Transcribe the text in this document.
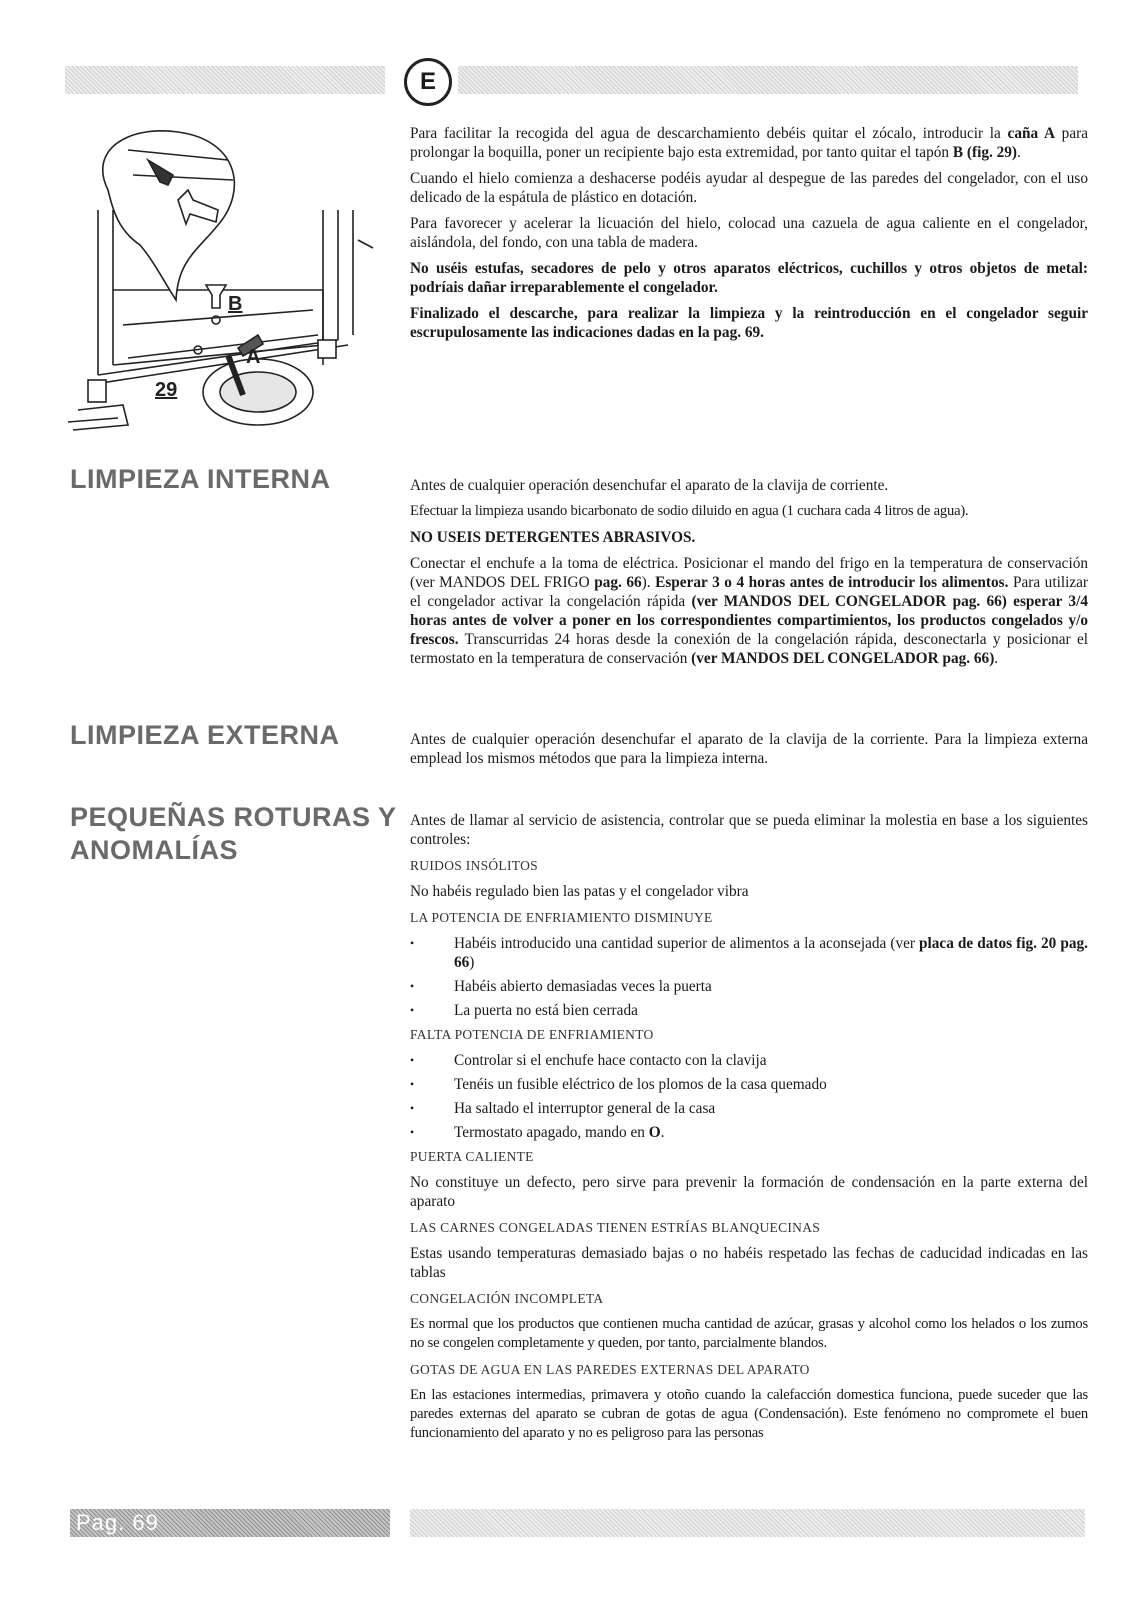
E
B
A
29

Para facilitar la recogida del agua de descarchamiento debéis quitar el zócalo, introducir la caña A para prolongar la boquilla, poner un recipiente bajo esta extremidad, por tanto quitar el tapón B (fig. 29).

Cuando el hielo comienza a deshacerse podéis ayudar al despegue de las paredes del congelador, con el uso delicado de la espátula de plástico en dotación.

Para favorecer y acelerar la licuación del hielo, colocad una cazuela de agua caliente en el congelador, aislándola, del fondo, con una tabla de madera.

No uséis estufas, secadores de pelo y otros aparatos eléctricos, cuchillos y otros objetos de metal: podríais dañar irreparablemente el congelador.

Finalizado el descarche, para realizar la limpieza y la reintroducción en el congelador seguir escrupulosamente las indicaciones dadas en la pag. 69.

LIMPIEZA INTERNA	Antes de cualquier operación desenchufar el aparato de la clavija de corriente.

Efectuar la limpieza usando bicarbonato de sodio diluido en agua (1 cuchara cada 4 litros de agua).

NO USEIS DETERGENTES ABRASIVOS.

Conectar el enchufe a la toma de eléctrica. Posicionar el mando del frigo en la temperatura de conservación (ver MANDOS DEL FRIGO pag. 66). Esperar 3 o 4 horas antes de introducir los alimentos. Para utilizar el congelador activar la congelación rápida (ver MANDOS DEL CONGELADOR pag. 66) esperar 3/4 horas antes de volver a poner en los correspondientes compartimientos, los productos congelados y/o frescos. Transcurridas 24 horas desde la conexión de la congelación rápida, desconectarla y posicionar el termostato en la temperatura de conservación (ver MANDOS DEL CONGELADOR pag. 66).

LIMPIEZA EXTERNA	Antes de cualquier operación desenchufar el aparato de la clavija de la corriente. Para la limpieza externa emplead los mismos métodos que para la limpieza interna.

PEQUEÑAS ROTURAS Y
ANOMALÍAS

Antes de llamar al servicio de asistencia, controlar que se pueda eliminar la molestia en base a los siguientes controles:

RUIDOS INSÓLITOS

No habéis regulado bien las patas y el congelador vibra

LA POTENCIA DE ENFRIAMIENTO DISMINUYE

•	Habéis introducido una cantidad superior de alimentos a la aconsejada (ver placa de datos fig. 20 pag. 66)
•	Habéis abierto demasiadas veces la puerta
•	La puerta no está bien cerrada

FALTA POTENCIA DE ENFRIAMIENTO

•	Controlar si el enchufe hace contacto con la clavija
•	Tenéis un fusible eléctrico de los plomos de la casa quemado
•	Ha saltado el interruptor general de la casa
•	Termostato apagado, mando en O.

PUERTA CALIENTE

No constituye un defecto, pero sirve para prevenir la formación de condensación en la parte externa del aparato

LAS CARNES CONGELADAS TIENEN ESTRÍAS BLANQUECINAS

Estas usando temperaturas demasiado bajas o no habéis respetado las fechas de caducidad indicadas en las tablas

CONGELACIÓN INCOMPLETA

Es normal que los productos que contienen mucha cantidad de azúcar, grasas y alcohol como los helados o los zumos no se congelen completamente y queden, por tanto, parcialmente blandos.

GOTAS DE AGUA EN LAS PAREDES EXTERNAS DEL APARATO

En las estaciones intermedias, primavera y otoño cuando la calefacción domestica funciona, puede suceder que las paredes externas del aparato se cubran de gotas de agua (Condensación). Este fenómeno no compromete el buen funcionamiento del aparato y no es peligroso para las personas

Pag. 69
